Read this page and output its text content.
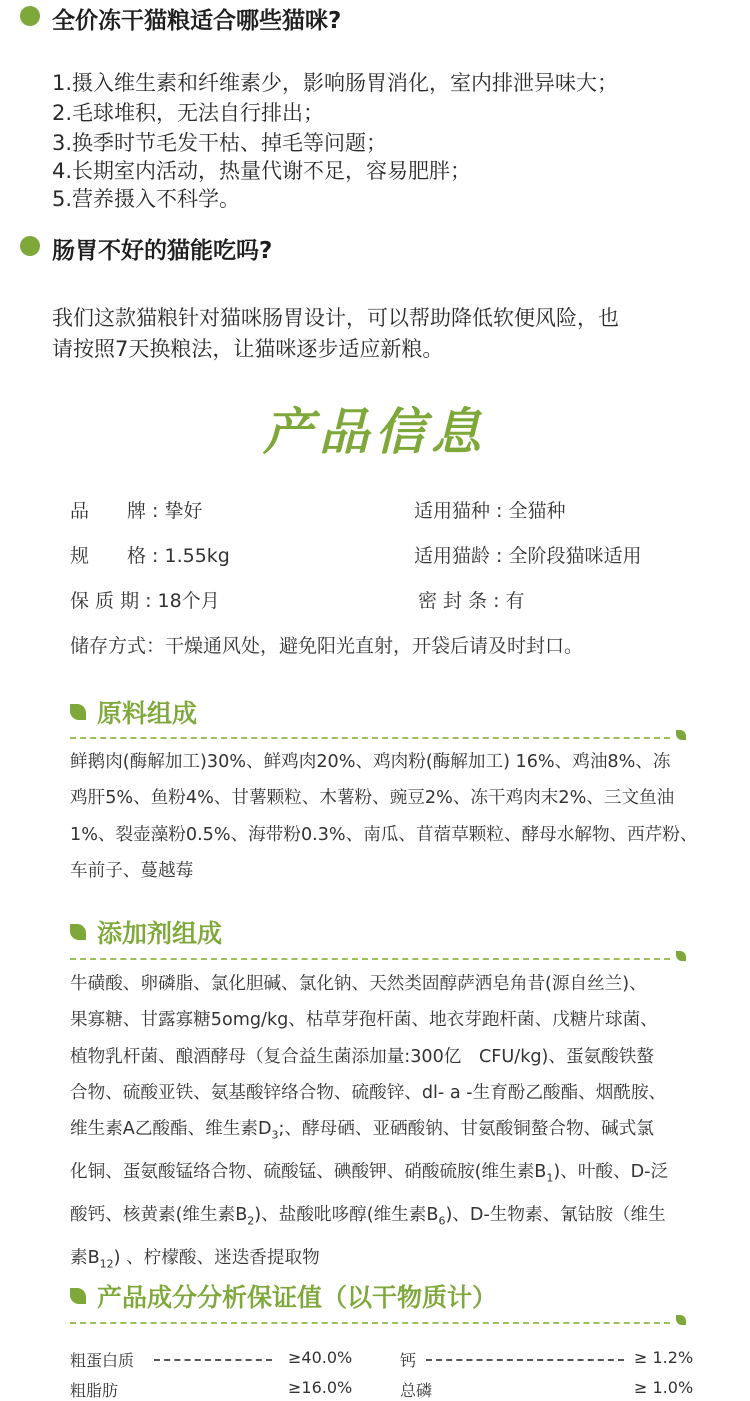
全价冻干猫粮适合哪些猫咪?
1.摄入维生素和纤维素少，影响肠胃消化，室内排泄异味大；
2.毛球堆积，无法自行排出；
3.换季时节毛发干枯、掉毛等问题；
4.长期室内活动，热量代谢不足，容易肥胖；
5.营养摄入不科学。
肠胃不好的猫能吃吗?
我们这款猫粮针对猫咪肠胃设计，可以帮助降低软便风险，也
请按照7天换粮法，让猫咪逐步适应新粮。
产品信息
品　　牌 : 挚好	适用猫种 : 全猫种
规　　格 : 1.55kg	适用猫龄 : 全阶段猫咪适用
保 质 期 : 18个月	密 封 条 : 有
储存方式：干燥通风处，避免阳光直射，开袋后请及时封口。
原料组成
鲜鹅肉(酶解加工)30%、鲜鸡肉20%、鸡肉粉(酶解加工) 16%、鸡油8%、冻
鸡肝5%、鱼粉4%、甘薯颗粒、木薯粉、豌豆2%、冻干鸡肉末2%、三文鱼油
1%、裂壶藻粉0.5%、海带粉0.3%、南瓜、苜蓿草颗粒、酵母水解物、西芹粉、
车前子、蔓越莓
添加剂组成
牛磺酸、卵磷脂、氯化胆碱、氯化钠、天然类固醇萨洒皂角昔(源自丝兰)、
果寡糖、甘露寡糖5omg/kg、枯草芽孢杆菌、地衣芽跑杆菌、戊糖片球菌、
植物乳杆菌、酿酒酵母（复合益生菌添加量:300亿　CFU/kg)、蛋氨酸铁螯
合物、硫酸亚铁、氨基酸锌络合物、硫酸锌、dl- a -生育酚乙酸酯、烟酰胺、
维生素A乙酸酯、维生素$D_3$;、酵母硒、亚硒酸钠、甘氨酸铜螯合物、碱式氯
化铜、蛋氨酸锰络合物、硫酸锰、碘酸钾、硝酸硫胺(维生素$B_1$)、叶酸、D-泛
酸钙、核黄素(维生素$B_2$)、盐酸吡哆醇(维生素$B_6$)、D-生物素、氰钴胺（维生
素$B_{12}$) 、柠檬酸、迷迭香提取物
产品成分分析保证值（以干物质计）
粗蛋白质	≥40.0%	钙	≥ 1.2%
粗脂肪	≥16.0%	总磷	≥ 1.0%
